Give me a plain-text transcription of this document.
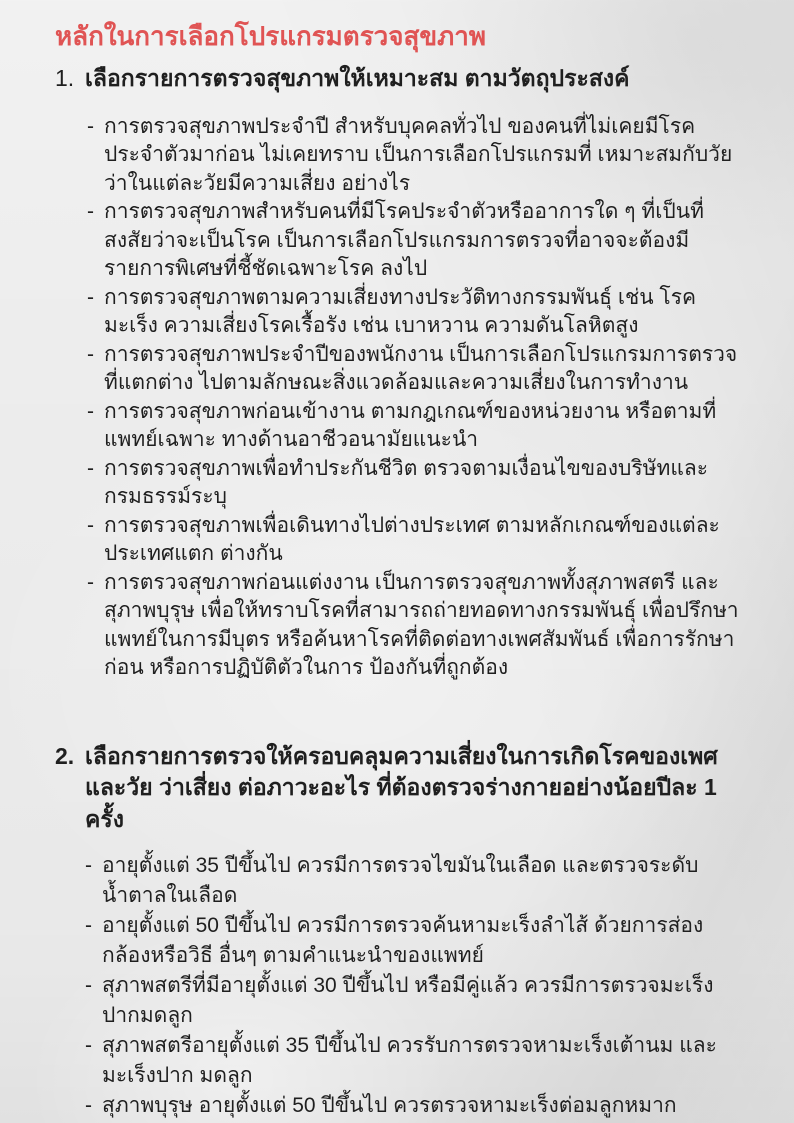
หลักในการเลือกโปรแกรมตรวจสุขภาพ
1. เลือกรายการตรวจสุขภาพให้เหมาะสม ตามวัตถุประสงค์
- การตรวจสุขภาพประจำปี สำหรับบุคคลทั่วไป ของคนที่ไม่เคยมีโรคประจำตัวมาก่อน ไม่เคยทราบ เป็นการเลือกโปรแกรมที่ เหมาะสมกับวัย ว่าในแต่ละวัยมีความเสี่ยง อย่างไร
- การตรวจสุขภาพสำหรับคนที่มีโรคประจำตัวหรืออาการใด ๆ ที่เป็นที่สงสัยว่าจะเป็นโรค เป็นการเลือกโปรแกรมการตรวจที่อาจจะต้องมีรายการพิเศษที่ชี้ชัดเฉพาะโรค ลงไป
- การตรวจสุขภาพตามความเสี่ยงทางประวัติทางกรรมพันธุ์ เช่น โรคมะเร็ง ความเสี่ยงโรคเรื้อรัง เช่น เบาหวาน ความดันโลหิตสูง
- การตรวจสุขภาพประจำปีของพนักงาน เป็นการเลือกโปรแกรมการตรวจที่แตกต่าง ไปตามลักษณะสิ่งแวดล้อมและความเสี่ยงในการทำงาน
- การตรวจสุขภาพก่อนเข้างาน ตามกฎเกณฑ์ของหน่วยงาน หรือตามที่แพทย์เฉพาะ ทางด้านอาชีวอนามัยแนะนำ
- การตรวจสุขภาพเพื่อทำประกันชีวิต ตรวจตามเงื่อนไขของบริษัทและกรมธรรม์ระบุ
- การตรวจสุขภาพเพื่อเดินทางไปต่างประเทศ ตามหลักเกณฑ์ของแต่ละประเทศแตก ต่างกัน
- การตรวจสุขภาพก่อนแต่งงาน เป็นการตรวจสุขภาพทั้งสุภาพสตรี และสุภาพบุรุษ เพื่อให้ทราบโรคที่สามารถถ่ายทอดทางกรรมพันธุ์ เพื่อปรึกษาแพทย์ในการมีบุตร หรือค้นหาโรคที่ติดต่อทางเพศสัมพันธ์ เพื่อการรักษาก่อน หรือการปฏิบัติตัวในการ ป้องกันที่ถูกต้อง
2. เลือกรายการตรวจให้ครอบคลุมความเสี่ยงในการเกิดโรคของเพศและวัย ว่าเสี่ยง ต่อภาวะอะไร ที่ต้องตรวจร่างกายอย่างน้อยปีละ 1 ครั้ง
- อายุตั้งแต่ 35 ปีขึ้นไป ควรมีการตรวจไขมันในเลือด และตรวจระดับน้ำตาลในเลือด
- อายุตั้งแต่ 50 ปีขึ้นไป ควรมีการตรวจค้นหามะเร็งลำไส้ ด้วยการส่องกล้องหรือวิธี อื่นๆ ตามคำแนะนำของแพทย์
- สุภาพสตรีที่มีอายุตั้งแต่ 30 ปีขึ้นไป หรือมีคู่แล้ว ควรมีการตรวจมะเร็งปากมดลูก
- สุภาพสตรีอายุตั้งแต่ 35 ปีขึ้นไป ควรรับการตรวจหามะเร็งเต้านม และมะเร็งปาก มดลูก
- สุภาพบุรุษ อายุตั้งแต่ 50 ปีขึ้นไป ควรตรวจหามะเร็งต่อมลูกหมาก
